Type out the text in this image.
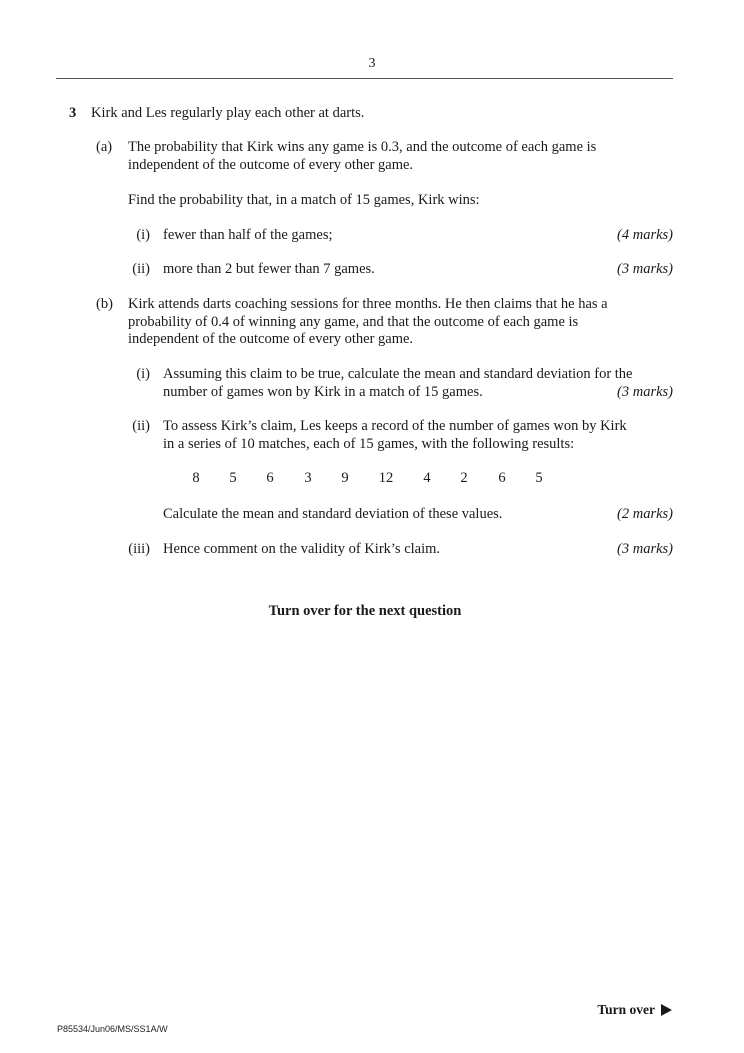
3
3 Kirk and Les regularly play each other at darts.
(a) The probability that Kirk wins any game is 0.3, and the outcome of each game is
independent of the outcome of every other game.
Find the probability that, in a match of 15 games, Kirk wins:
(i) fewer than half of the games;	(4 marks)
(ii) more than 2 but fewer than 7 games.	(3 marks)
(b) Kirk attends darts coaching sessions for three months. He then claims that he has a
probability of 0.4 of winning any game, and that the outcome of each game is
independent of the outcome of every other game.
(i) Assuming this claim to be true, calculate the mean and standard deviation for the
number of games won by Kirk in a match of 15 games.	(3 marks)
(ii) To assess Kirk’s claim, Les keeps a record of the number of games won by Kirk
in a series of 10 matches, each of 15 games, with the following results:
8	5	6	3	9	12	4	2	6	5
Calculate the mean and standard deviation of these values.	(2 marks)
(iii) Hence comment on the validity of Kirk’s claim.	(3 marks)
Turn over for the next question
Turn over
P85534/Jun06/MS/SS1A/W
